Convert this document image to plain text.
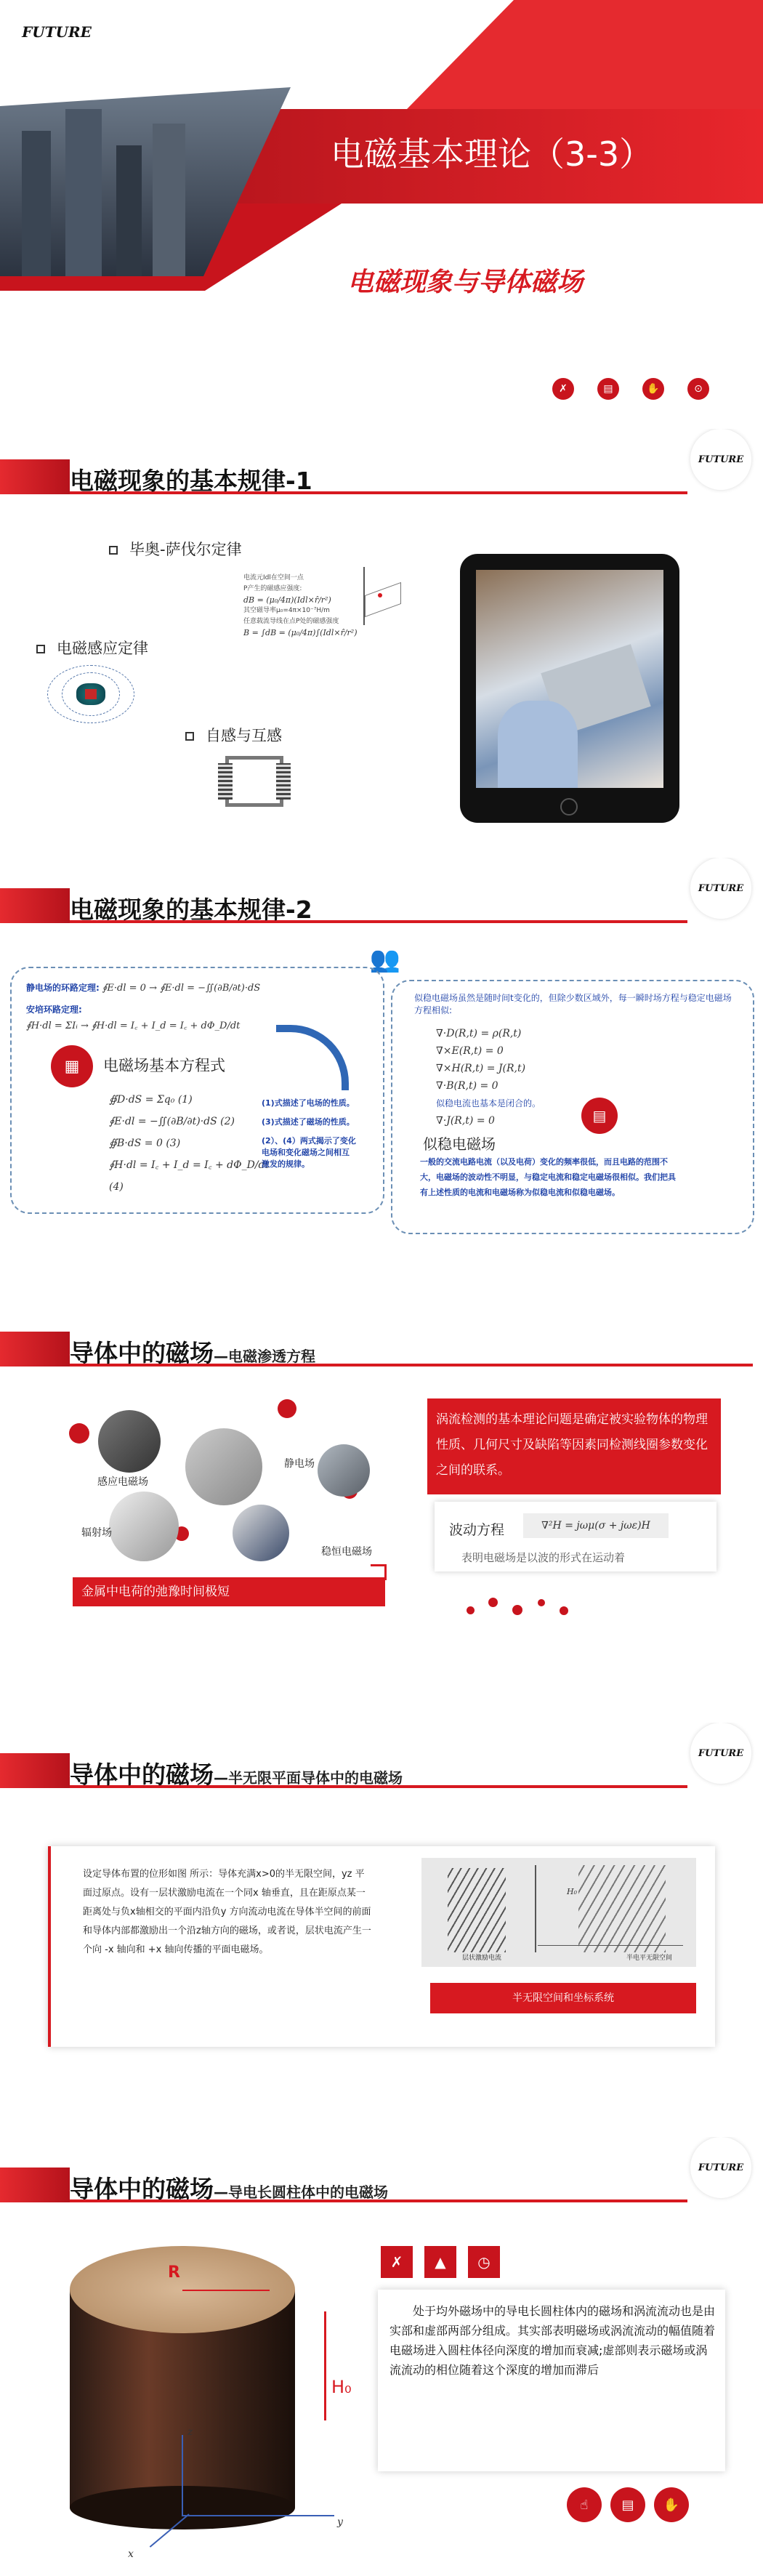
FUTURE
电磁基本理论（3-3）
电磁现象与导体磁场
✗	▤	✋	⊙
FUTURE
电磁现象的基本规律-1
毕奥-萨伐尔定律
电磁感应定律
自感与互感
电流元Idl在空间一点
P产生的磁感应强度:
dB = (μ₀/4π)(Idl×r̂/r²)
其空磁导率μ₀=4π×10⁻⁷H/m
任意载流导线在点P处的磁感强度
B = ∫dB = (μ₀/4π)∫(Idl×r̂/r²)
FUTURE
电磁现象的基本规律-2
👥
静电场的环路定理: ∮E·dl = 0 → ∮E·dl = −∬(∂B/∂t)·dS
安培环路定理:
∮H·dl = ΣIᵢ → ∮H·dl = I꜀ + I_d = I꜀ + dΦ_D/dt
▦	电磁场基本方程式
∯D·dS = Σq₀ (1)
∮E·dl = −∬(∂B/∂t)·dS (2)
∯B·dS = 0 (3)
∮H·dl = I꜀ + I_d = I꜀ + dΦ_D/dt (4)
(1)式描述了电场的性质。
(3)式描述了磁场的性质。
(2）、(4）两式揭示了变化电场和变化磁场之间相互激发的规律。
似稳电磁场虽然是随时间t变化的，但除少数区域外，每一瞬时场方程与稳定电磁场方程相似:
∇·D(R,t) = ρ(R,t)
∇×E(R,t) = 0
∇×H(R,t) = J(R,t)
∇·B(R,t) = 0
似稳电流也基本是闭合的。
∇·J(R,t) = 0	▤
似稳电磁场
一般的交流电路电流（以及电荷）变化的频率很低，而且电路的范围不大，电磁场的波动性不明显，与稳定电流和稳定电磁场很相似。我们把具有上述性质的电流和电磁场称为似稳电流和似稳电磁场。
导体中的磁场—电磁渗透方程
感应电磁场
静电场
辐射场
稳恒电磁场
金属中电荷的弛豫时间极短
涡流检测的基本理论问题是确定被实验物体的物理性质、几何尺寸及缺陷等因素同检测线圈参数变化之间的联系。
波动方程	∇²H = jωμ(σ + jωε)H
表明电磁场是以波的形式在运动着
FUTURE
导体中的磁场—半无限平面导体中的电磁场
设定导体布置的位形如图 所示：导体充满x>0的半无限空间，yz 平面过原点。设有一层状激励电流在一个同x 轴垂直，且在距原点某一距离处与负x轴相交的平面内沿负y 方向流动电流在导体半空间的前面和导体内部都激励出一个沿z轴方向的磁场，或者说，层状电流产生一个向 -x 轴向和 +x 轴向传播的平面电磁场。
层状激励电流	半电平无限空间
H₀
半无限空间和坐标系统
FUTURE
导体中的磁场—导电长圆柱体中的电磁场
R
H₀
z
y
x
✗	▲	◷
处于均外磁场中的导电长圆柱体内的磁场和涡流流动也是由实部和虚部两部分组成。其实部表明磁场或涡流流动的幅值随着电磁场进入圆柱体径向深度的增加而衰减;虚部则表示磁场或涡流流动的相位随着这个深度的增加而滞后
☝	▤	✋
